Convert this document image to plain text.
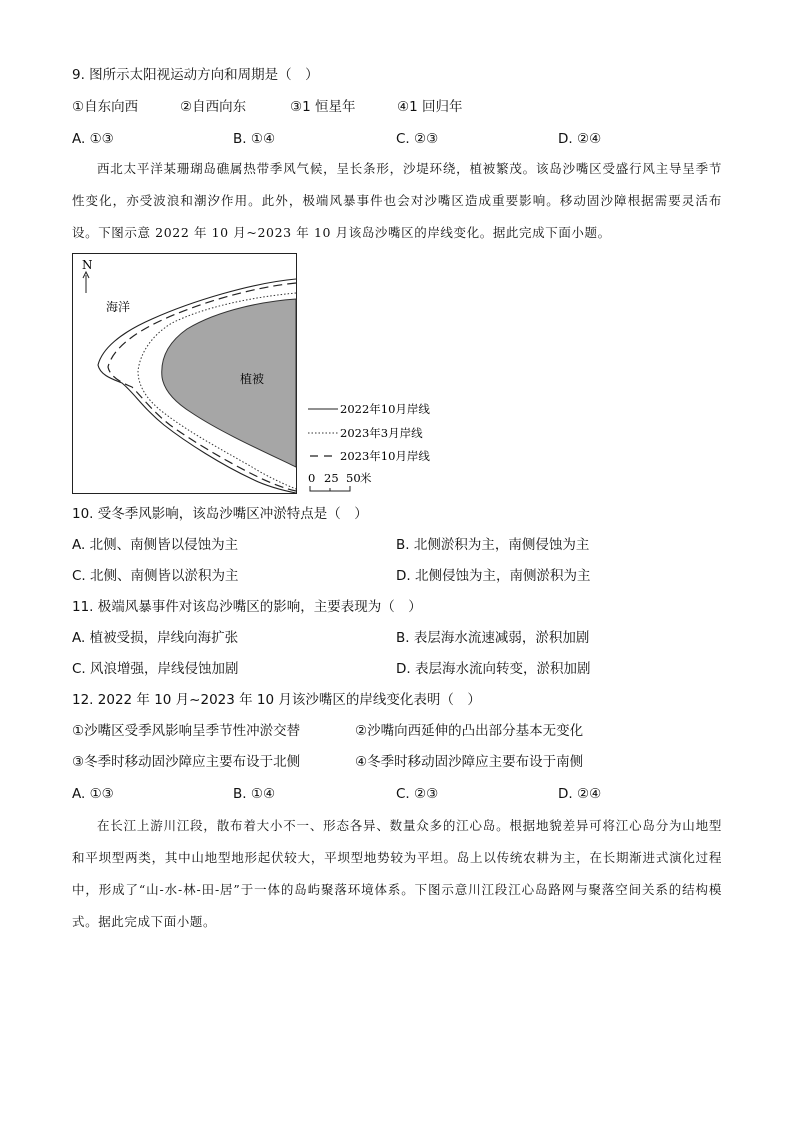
9. 图所示太阳视运动方向和周期是（　）
①自东向西	②自西向东	③1 恒星年	④1 回归年
A. ①③	B. ①④	C. ②③	D. ②④

西北太平洋某珊瑚岛礁属热带季风气候，呈长条形，沙堤环绕，植被繁茂。该岛沙嘴区受盛行风主导呈季节性变化，亦受波浪和潮汐作用。此外，极端风暴事件也会对沙嘴区造成重要影响。移动固沙障根据需要灵活布设。下图示意 2022 年 10 月~2023 年 10 月该岛沙嘴区的岸线变化。据此完成下面小题。

N
海洋
植被
2022年10月岸线
2023年3月岸线
2023年10月岸线
0 25 50 米
10. 受冬季风影响，该岛沙嘴区冲淤特点是（　）
A. 北侧、南侧皆以侵蚀为主	B. 北侧淤积为主，南侧侵蚀为主
C. 北侧、南侧皆以淤积为主	D. 北侧侵蚀为主，南侧淤积为主
11. 极端风暴事件对该岛沙嘴区的影响，主要表现为（　）
A. 植被受损，岸线向海扩张	B. 表层海水流速减弱，淤积加剧
C. 风浪增强，岸线侵蚀加剧	D. 表层海水流向转变，淤积加剧
12. 2022 年 10 月~2023 年 10 月该沙嘴区的岸线变化表明（　）
①沙嘴区受季风影响呈季节性冲淤交替	②沙嘴向西延伸的凸出部分基本无变化
③冬季时移动固沙障应主要布设于北侧	④冬季时移动固沙障应主要布设于南侧
A. ①③	B. ①④	C. ②③	D. ②④

在长江上游川江段，散布着大小不一、形态各异、数量众多的江心岛。根据地貌差异可将江心岛分为山地型和平坝型两类，其中山地型地形起伏较大，平坝型地势较为平坦。岛上以传统农耕为主，在长期渐进式演化过程中，形成了“山-水-林-田-居”于一体的岛屿聚落环境体系。下图示意川江段江心岛路网与聚落空间关系的结构模式。据此完成下面小题。
